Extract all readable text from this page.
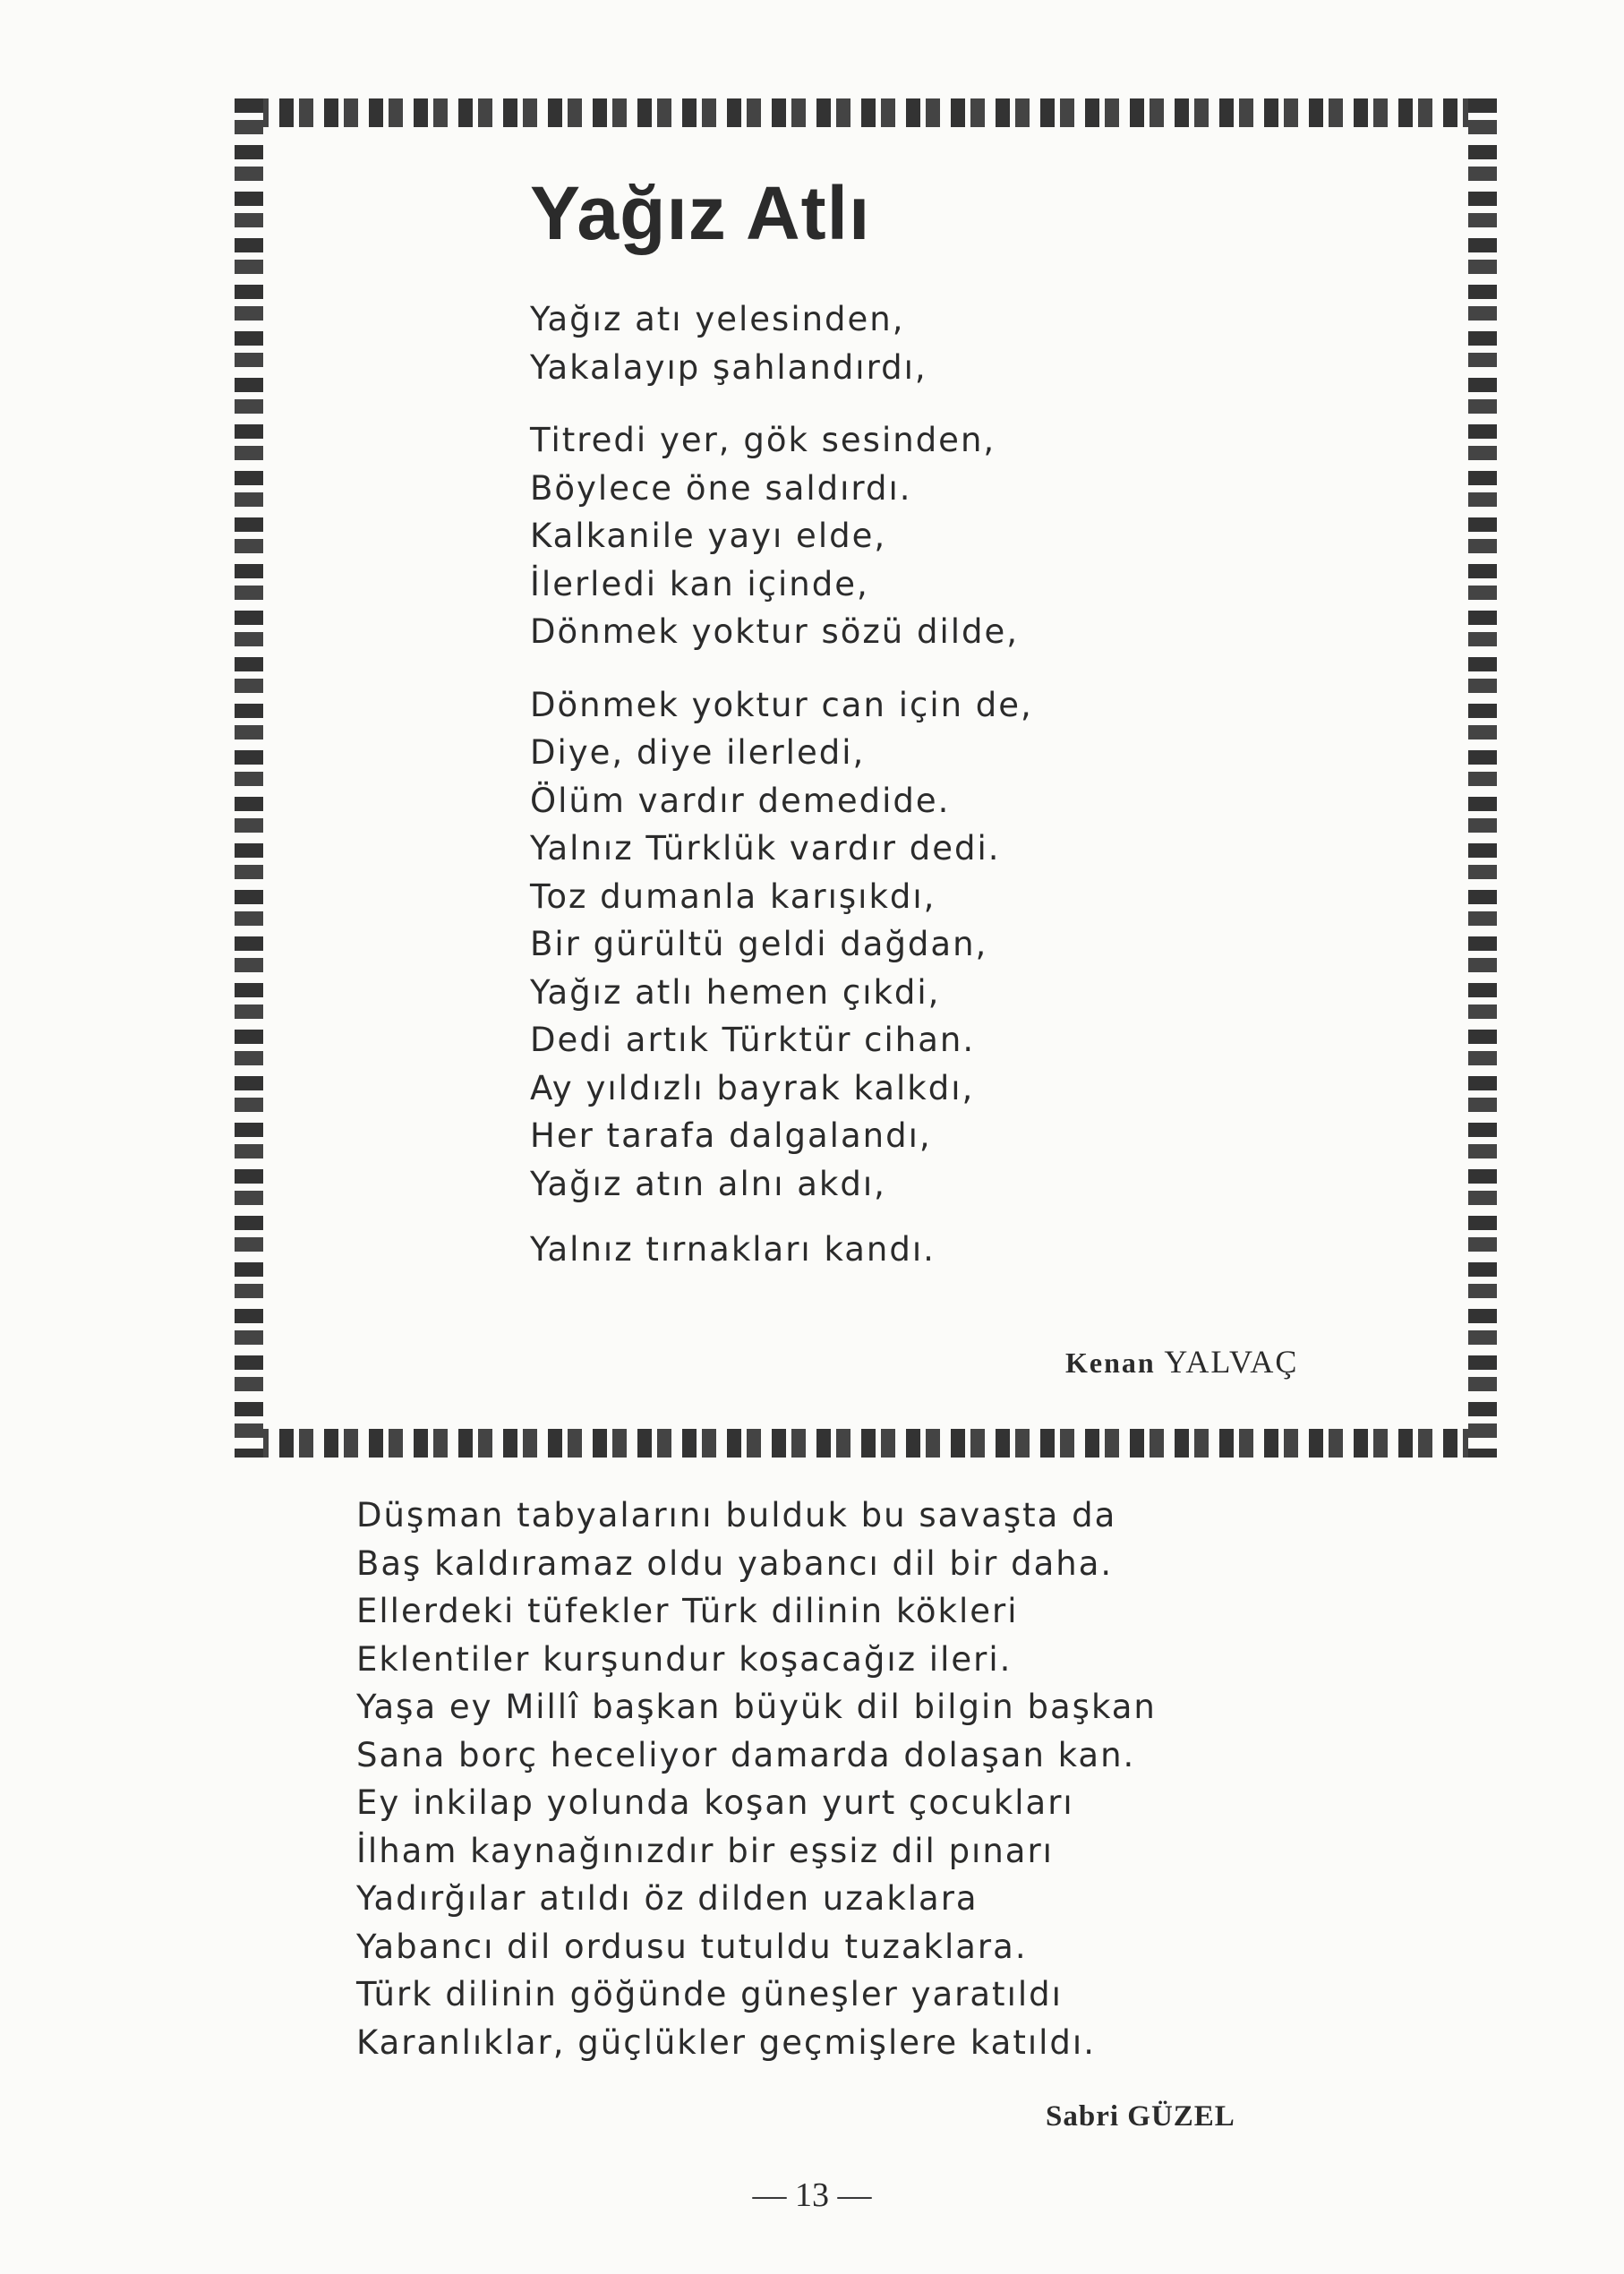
Yağız Atlı
Yağız atı yelesinden,
Yakalayıp şahlandırdı,
Titredi yer, gök sesinden,
Böylece öne saldırdı.
Kalkanile yayı elde,
İlerledi kan içinde,
Dönmek yoktur sözü dilde,
Dönmek yoktur can için de,
Diye, diye ilerledi,
Ölüm vardır demedide.
Yalnız Türklük vardır dedi.
Toz dumanla karışıkdı,
Bir gürültü geldi dağdan,
Yağız atlı hemen çıkdi,
Dedi artık Türktür cihan.
Ay yıldızlı bayrak kalkdı,
Her tarafa dalgalandı,
Yağız atın alnı akdı,
Yalnız tırnakları kandı.
Kenan YALVAÇ
Düşman tabyalarını bulduk bu savaşta da
Baş kaldıramaz oldu yabancı dil bir daha.
Ellerdeki tüfekler Türk dilinin kökleri
Eklentiler kurşundur koşacağız ileri.
Yaşa ey Millî başkan büyük dil bilgin başkan
Sana borç heceliyor damarda dolaşan kan.
Ey inkilap yolunda koşan yurt çocukları
İlham kaynağınızdır bir eşsiz dil pınarı
Yadırğılar atıldı öz dilden uzaklara
Yabancı dil ordusu tutuldu tuzaklara.
Türk dilinin göğünde güneşler yaratıldı
Karanlıklar, güçlükler geçmişlere katıldı.
Sabri GÜZEL
— 13 —
